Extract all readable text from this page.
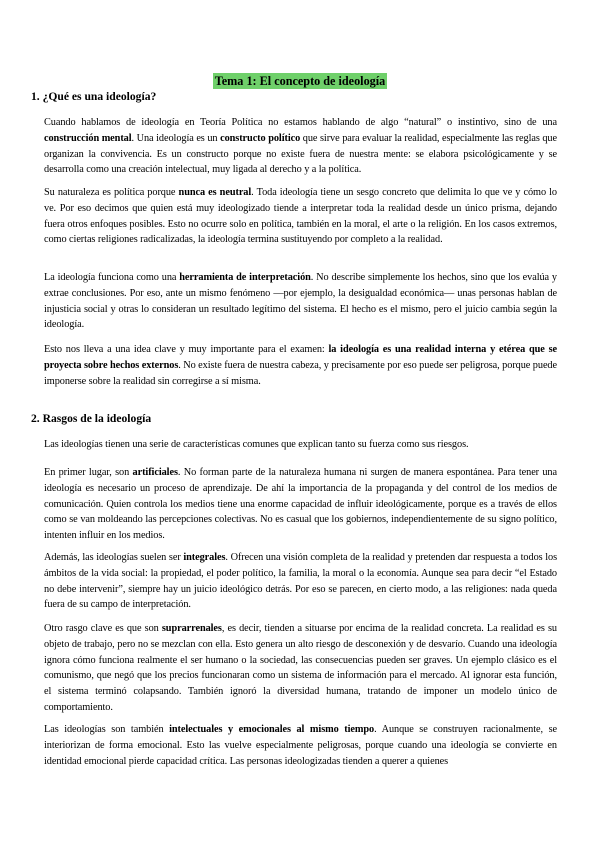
Tema 1: El concepto de ideología
1. ¿Qué es una ideología?

Cuando hablamos de ideología en Teoría Política no estamos hablando de algo “natural” o instintivo, sino de una construcción mental. Una ideología es un constructo político que sirve para evaluar la realidad, especialmente las reglas que organizan la convivencia. Es un constructo porque no existe fuera de nuestra mente: se elabora psicológicamente y se desarrolla como una creación intelectual, muy ligada al derecho y a la política.

Su naturaleza es política porque nunca es neutral. Toda ideología tiene un sesgo concreto que delimita lo que ve y cómo lo ve. Por eso decimos que quien está muy ideologizado tiende a interpretar toda la realidad desde un único prisma, dejando fuera otros enfoques posibles. Esto no ocurre solo en política, también en la moral, el arte o la religión. En los casos extremos, como ciertas religiones radicalizadas, la ideología termina sustituyendo por completo a la realidad.

La ideología funciona como una herramienta de interpretación. No describe simplemente los hechos, sino que los evalúa y extrae conclusiones. Por eso, ante un mismo fenómeno —por ejemplo, la desigualdad económica— unas personas hablan de injusticia social y otras lo consideran un resultado legítimo del sistema. El hecho es el mismo, pero el juicio cambia según la ideología.

Esto nos lleva a una idea clave y muy importante para el examen: la ideología es una realidad interna y etérea que se proyecta sobre hechos externos. No existe fuera de nuestra cabeza, y precisamente por eso puede ser peligrosa, porque puede imponerse sobre la realidad sin corregirse a sí misma.

2. Rasgos de la ideología

Las ideologías tienen una serie de características comunes que explican tanto su fuerza como sus riesgos.

En primer lugar, son artificiales. No forman parte de la naturaleza humana ni surgen de manera espontánea. Para tener una ideología es necesario un proceso de aprendizaje. De ahí la importancia de la propaganda y del control de los medios de comunicación. Quien controla los medios tiene una enorme capacidad de influir ideológicamente, porque es a través de ellos como se van moldeando las percepciones colectivas. No es casual que los gobiernos, independientemente de su signo político, intenten influir en los medios.

Además, las ideologías suelen ser integrales. Ofrecen una visión completa de la realidad y pretenden dar respuesta a todos los ámbitos de la vida social: la propiedad, el poder político, la familia, la moral o la economía. Aunque sea para decir “el Estado no debe intervenir”, siempre hay un juicio ideológico detrás. Por eso se parecen, en cierto modo, a las religiones: nada queda fuera de su campo de interpretación.

Otro rasgo clave es que son suprarrenales, es decir, tienden a situarse por encima de la realidad concreta. La realidad es su objeto de trabajo, pero no se mezclan con ella. Esto genera un alto riesgo de desconexión y de desvarío. Cuando una ideología ignora cómo funciona realmente el ser humano o la sociedad, las consecuencias pueden ser graves. Un ejemplo clásico es el comunismo, que negó que los precios funcionaran como un sistema de información para el mercado. Al ignorar esta función, el sistema terminó colapsando. También ignoró la diversidad humana, tratando de imponer un modelo único de comportamiento.

Las ideologías son también intelectuales y emocionales al mismo tiempo. Aunque se construyen racionalmente, se interiorizan de forma emocional. Esto las vuelve especialmente peligrosas, porque cuando una ideología se convierte en identidad emocional pierde capacidad crítica. Las personas ideologizadas tienden a querer a quienes
